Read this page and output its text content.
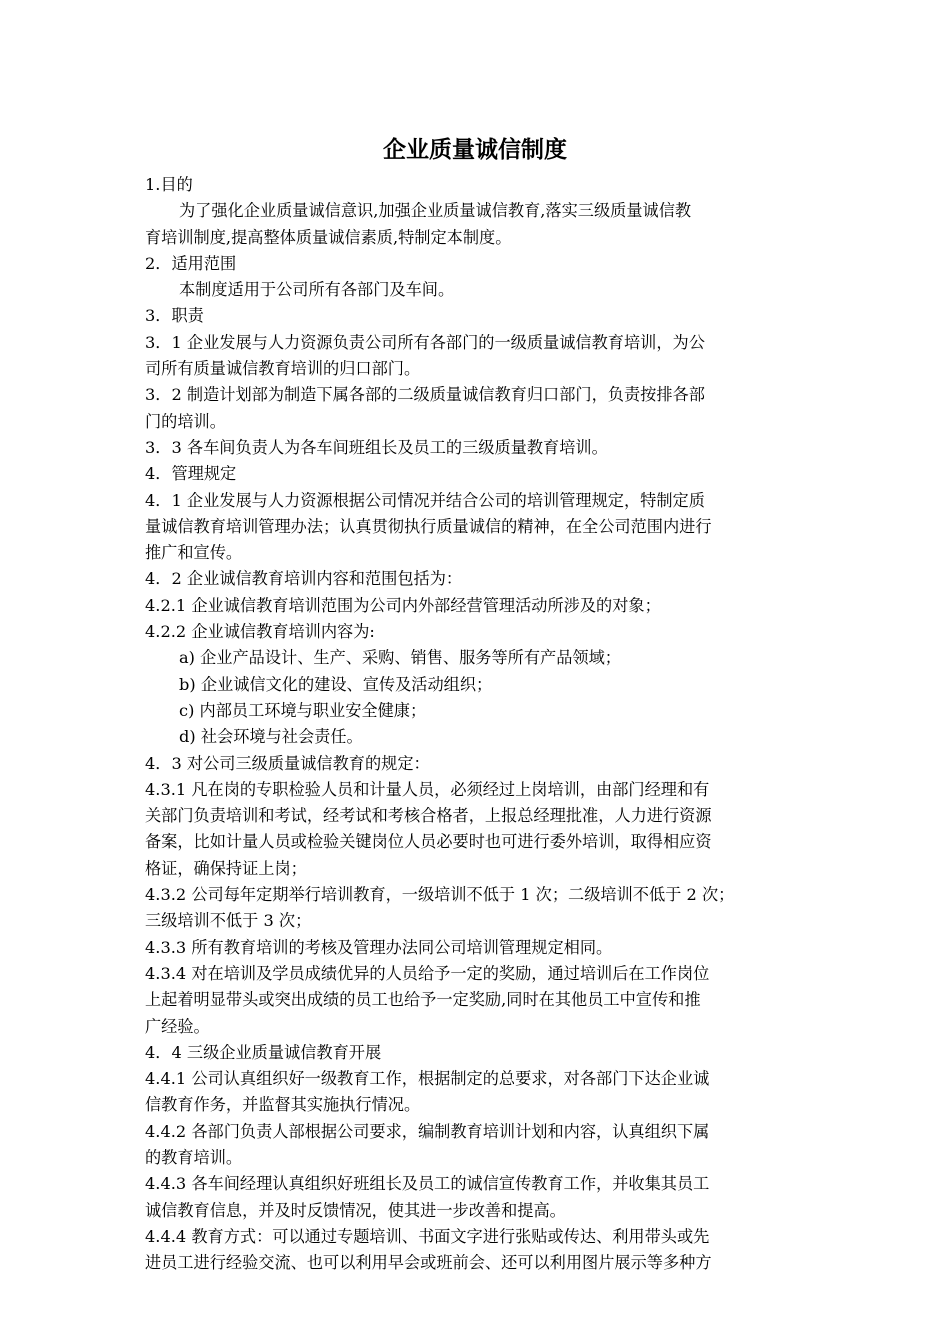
企业质量诚信制度
1.目的
为了强化企业质量诚信意识,加强企业质量诚信教育,落实三级质量诚信教
育培训制度,提高整体质量诚信素质,特制定本制度。
2．适用范围
本制度适用于公司所有各部门及车间。
3．职责
3．1 企业发展与人力资源负责公司所有各部门的一级质量诚信教育培训，为公
司所有质量诚信教育培训的归口部门。
3．2 制造计划部为制造下属各部的二级质量诚信教育归口部门，负责按排各部
门的培训。
3．3 各车间负责人为各车间班组长及员工的三级质量教育培训。
4．管理规定
4．1 企业发展与人力资源根据公司情况并结合公司的培训管理规定，特制定质
量诚信教育培训管理办法；认真贯彻执行质量诚信的精神，在全公司范围内进行
推广和宣传。
4．2 企业诚信教育培训内容和范围包括为：
4.2.1 企业诚信教育培训范围为公司内外部经营管理活动所涉及的对象；
4.2.2 企业诚信教育培训内容为:
a) 企业产品设计、生产、采购、销售、服务等所有产品领域；
b) 企业诚信文化的建设、宣传及活动组织；
c) 内部员工环境与职业安全健康；
d) 社会环境与社会责任。
4．3 对公司三级质量诚信教育的规定：
4.3.1 凡在岗的专职检验人员和计量人员，必须经过上岗培训，由部门经理和有
关部门负责培训和考试，经考试和考核合格者，上报总经理批准，人力进行资源
备案，比如计量人员或检验关键岗位人员必要时也可进行委外培训，取得相应资
格证，确保持证上岗；
4.3.2 公司每年定期举行培训教育，一级培训不低于 1 次；二级培训不低于 2 次；
三级培训不低于 3 次；
4.3.3 所有教育培训的考核及管理办法同公司培训管理规定相同。
4.3.4 对在培训及学员成绩优异的人员给予一定的奖励，通过培训后在工作岗位
上起着明显带头或突出成绩的员工也给予一定奖励,同时在其他员工中宣传和推
广经验。
4．4 三级企业质量诚信教育开展
4.4.1 公司认真组织好一级教育工作，根据制定的总要求，对各部门下达企业诚
信教育作务，并监督其实施执行情况。
4.4.2 各部门负责人部根据公司要求，编制教育培训计划和内容，认真组织下属
的教育培训。
4.4.3 各车间经理认真组织好班组长及员工的诚信宣传教育工作，并收集其员工
诚信教育信息，并及时反馈情况，使其进一步改善和提高。
4.4.4 教育方式：可以通过专题培训、书面文字进行张贴或传达、利用带头或先
进员工进行经验交流、也可以利用早会或班前会、还可以利用图片展示等多种方
